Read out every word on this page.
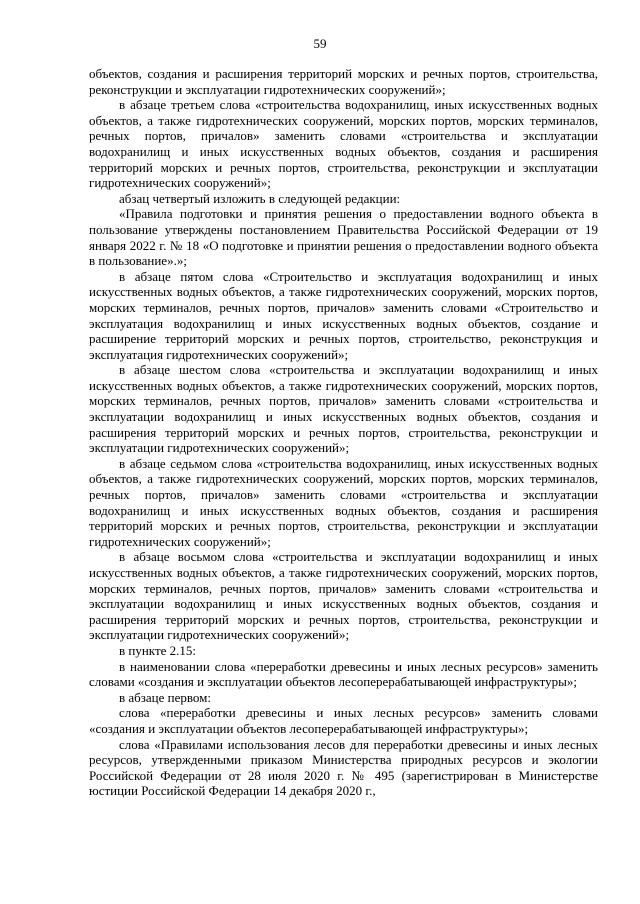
59

объектов, создания и расширения территорий морских и речных портов, строительства, реконструкции и эксплуатации гидротехнических сооружений»;

в абзаце третьем слова «строительства водохранилищ, иных искусственных водных объектов, а также гидротехнических сооружений, морских портов, морских терминалов, речных портов, причалов» заменить словами «строительства и эксплуатации водохранилищ и иных искусственных водных объектов, создания и расширения территорий морских и речных портов, строительства, реконструкции и эксплуатации гидротехнических сооружений»;

абзац четвертый изложить в следующей редакции:

«Правила подготовки и принятия решения о предоставлении водного объекта в пользование утверждены постановлением Правительства Российской Федерации от 19 января 2022 г. № 18 «О подготовке и принятии решения о предоставлении водного объекта в пользование».»;

в абзаце пятом слова «Строительство и эксплуатация водохранилищ и иных искусственных водных объектов, а также гидротехнических сооружений, морских портов, морских терминалов, речных портов, причалов» заменить словами «Строительство и эксплуатация водохранилищ и иных искусственных водных объектов, создание и расширение территорий морских и речных портов, строительство, реконструкция и эксплуатация гидротехнических сооружений»;

в абзаце шестом слова «строительства и эксплуатации водохранилищ и иных искусственных водных объектов, а также гидротехнических сооружений, морских портов, морских терминалов, речных портов, причалов» заменить словами «строительства и эксплуатации водохранилищ и иных искусственных водных объектов, создания и расширения территорий морских и речных портов, строительства, реконструкции и эксплуатации гидротехнических сооружений»;

в абзаце седьмом слова «строительства водохранилищ, иных искусственных водных объектов, а также гидротехнических сооружений, морских портов, морских терминалов, речных портов, причалов» заменить словами «строительства и эксплуатации водохранилищ и иных искусственных водных объектов, создания и расширения территорий морских и речных портов, строительства, реконструкции и эксплуатации гидротехнических сооружений»;

в абзаце восьмом слова «строительства и эксплуатации водохранилищ и иных искусственных водных объектов, а также гидротехнических сооружений, морских портов, морских терминалов, речных портов, причалов» заменить словами «строительства и эксплуатации водохранилищ и иных искусственных водных объектов, создания и расширения территорий морских и речных портов, строительства, реконструкции и эксплуатации гидротехнических сооружений»;

в пункте 2.15:

в наименовании слова «переработки древесины и иных лесных ресурсов» заменить словами «создания и эксплуатации объектов лесоперерабатывающей инфраструктуры»;

в абзаце первом:

слова «переработки древесины и иных лесных ресурсов» заменить словами «создания и эксплуатации объектов лесоперерабатывающей инфраструктуры»;

слова «Правилами использования лесов для переработки древесины и иных лесных ресурсов, утвержденными приказом Министерства природных ресурсов и экологии Российской Федерации от 28 июля 2020 г. № 495 (зарегистрирован в Министерстве юстиции Российской Федерации 14 декабря 2020 г.,
